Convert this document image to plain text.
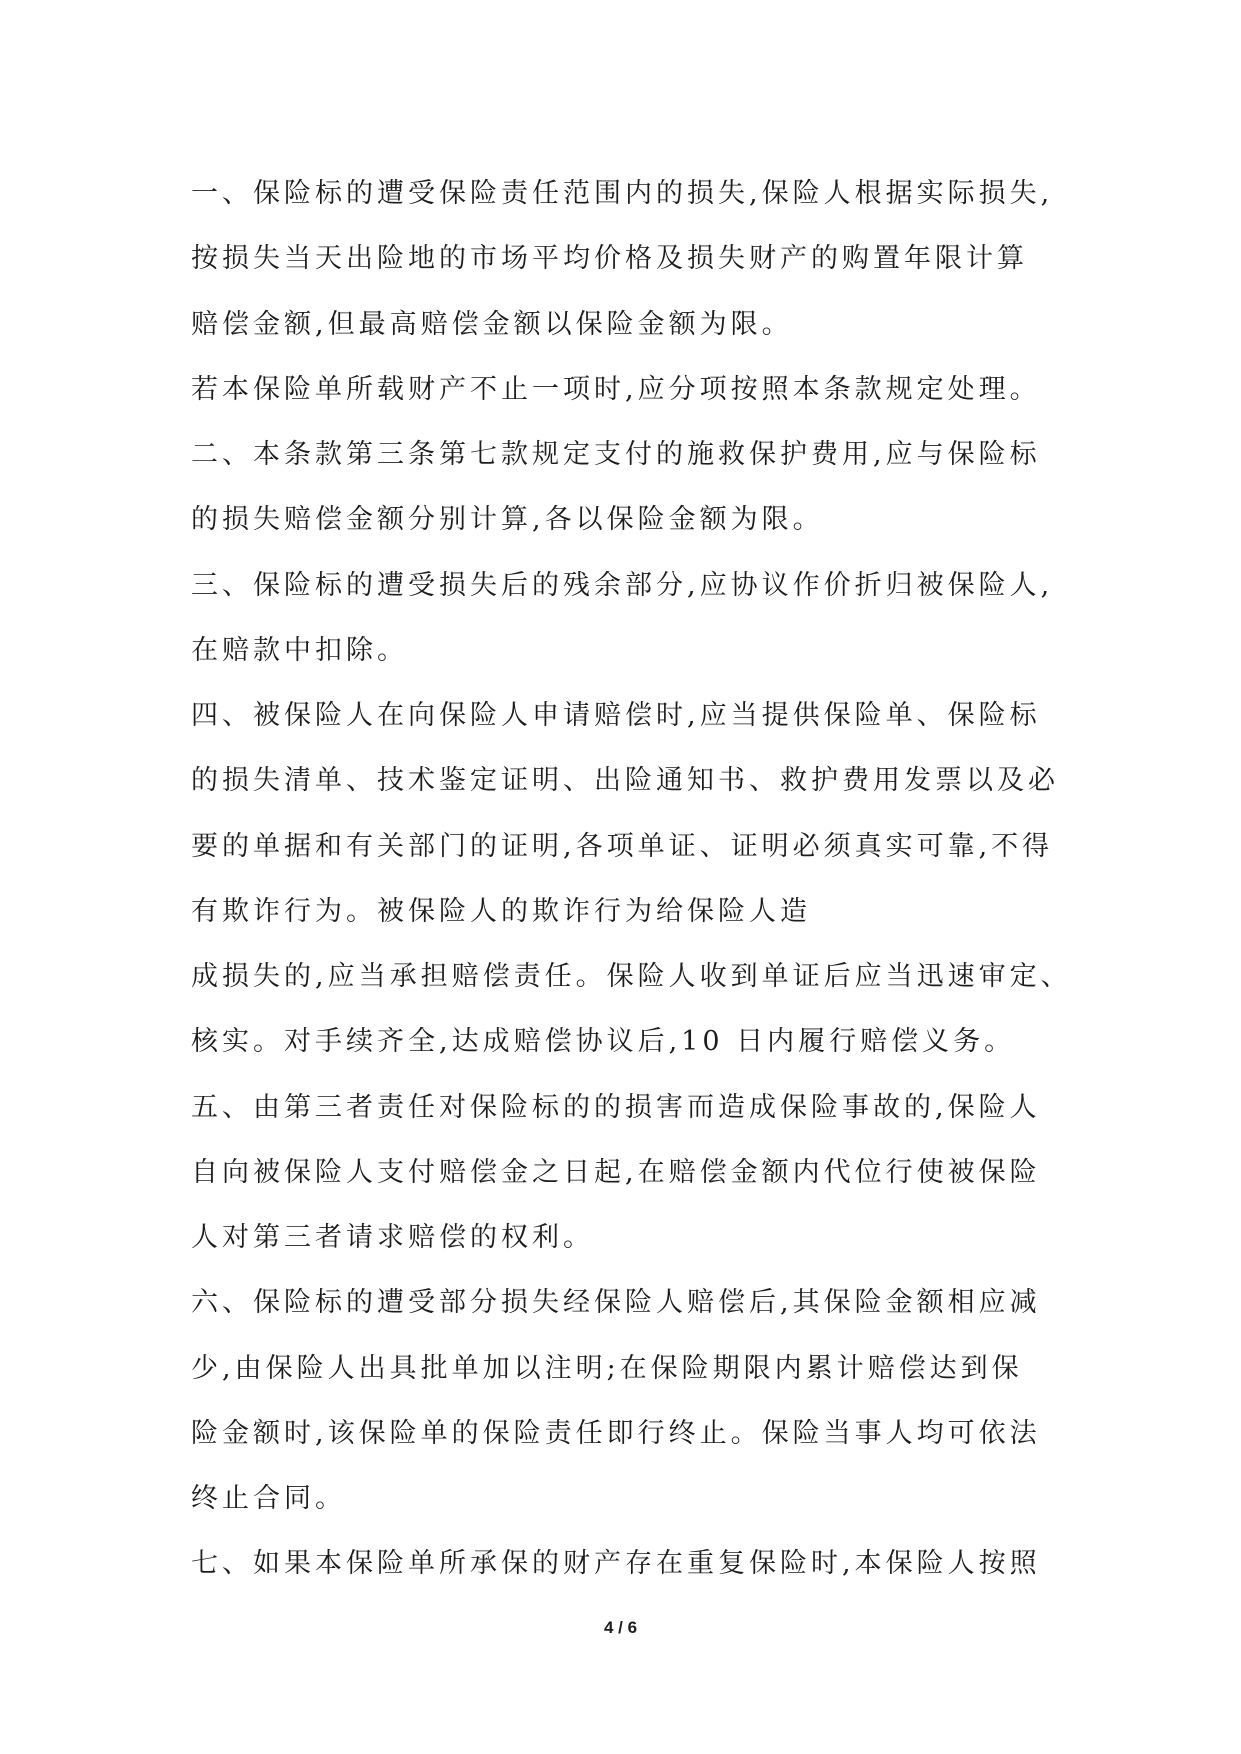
一、保险标的遭受保险责任范围内的损失,保险人根据实际损失,
按损失当天出险地的市场平均价格及损失财产的购置年限计算
赔偿金额,但最高赔偿金额以保险金额为限。
若本保险单所载财产不止一项时,应分项按照本条款规定处理。
二、本条款第三条第七款规定支付的施救保护费用,应与保险标
的损失赔偿金额分别计算,各以保险金额为限。
三、保险标的遭受损失后的残余部分,应协议作价折归被保险人,
在赔款中扣除。
四、被保险人在向保险人申请赔偿时,应当提供保险单、保险标
的损失清单、技术鉴定证明、出险通知书、救护费用发票以及必
要的单据和有关部门的证明,各项单证、证明必须真实可靠,不得
有欺诈行为。被保险人的欺诈行为给保险人造
成损失的,应当承担赔偿责任。保险人收到单证后应当迅速审定、
核实。对手续齐全,达成赔偿协议后,10 日内履行赔偿义务。
五、由第三者责任对保险标的的损害而造成保险事故的,保险人
自向被保险人支付赔偿金之日起,在赔偿金额内代位行使被保险
人对第三者请求赔偿的权利。
六、保险标的遭受部分损失经保险人赔偿后,其保险金额相应减
少,由保险人出具批单加以注明;在保险期限内累计赔偿达到保
险金额时,该保险单的保险责任即行终止。保险当事人均可依法
终止合同。
七、如果本保险单所承保的财产存在重复保险时,本保险人按照
4 / 6
